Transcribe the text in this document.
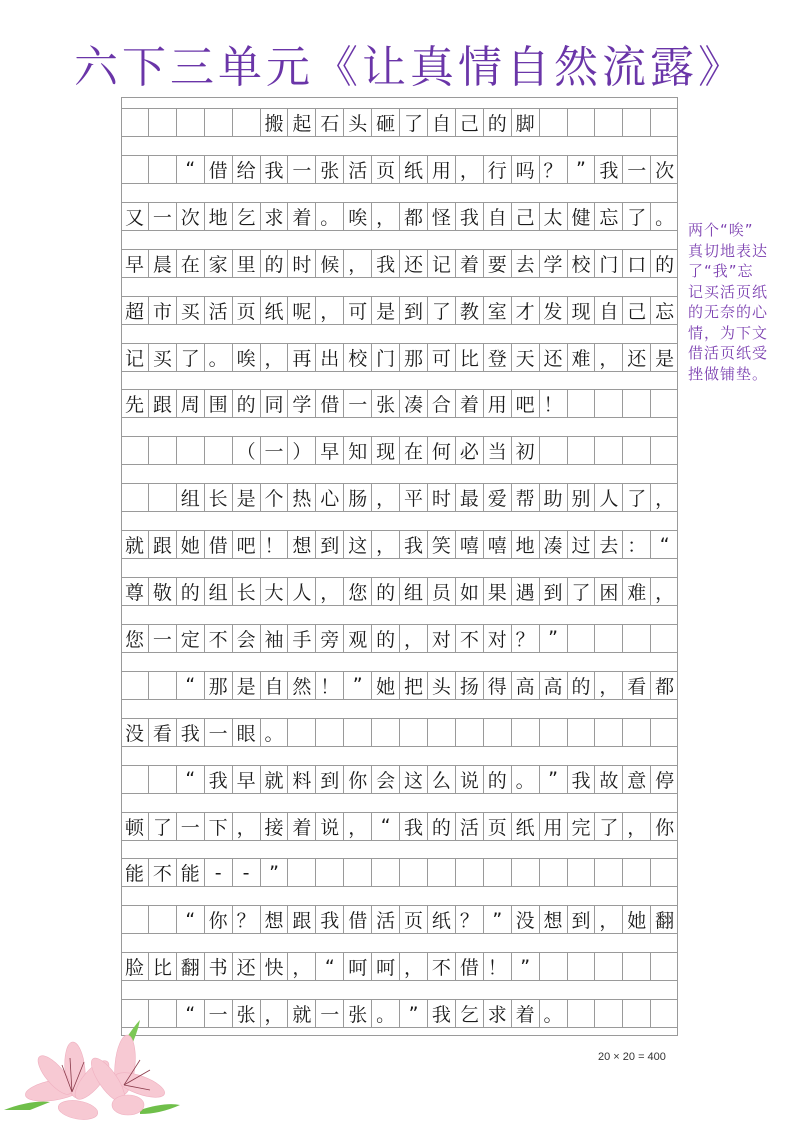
六下三单元《让真情自然流露》
搬 起 石 头 砸 了 自 己 的 脚
“ 借 给 我 一 张 活 页 纸 用 ， 行 吗 ？ ” 我 一 次
又 一 次 地 乞 求 着 。 唉 ， 都 怪 我 自 己 太 健 忘 了 。
早 晨 在 家 里 的 时 候 ， 我 还 记 着 要 去 学 校 门 口 的
超 市 买 活 页 纸 呢 ， 可 是 到 了 教 室 才 发 现 自 己 忘
记 买 了 。 唉 ， 再 出 校 门 那 可 比 登 天 还 难 ， 还 是
先 跟 周 围 的 同 学 借 一 张 凑 合 着 用 吧 ！
（ 一 ） 早 知 现 在 何 必 当 初
组 长 是 个 热 心 肠 ， 平 时 最 爱 帮 助 别 人 了 ，
就 跟 她 借 吧 ！ 想 到 这 ， 我 笑 嘻 嘻 地 凑 过 去 ： “
尊 敬 的 组 长 大 人 ， 您 的 组 员 如 果 遇 到 了 困 难 ，
您 一 定 不 会 袖 手 旁 观 的 ， 对 不 对 ？ ”
“ 那 是 自 然 ！ ” 她 把 头 扬 得 高 高 的 ， 看 都
没 看 我 一 眼 。
“ 我 早 就 料 到 你 会 这 么 说 的 。 ” 我 故 意 停
顿 了 一 下 ， 接 着 说 ， “ 我 的 活 页 纸 用 完 了 ， 你
能 不 能 -	-	”
“ 你 ？ 想 跟 我 借 活 页 纸 ？ ” 没 想 到 ， 她 翻
脸 比 翻 书 还 快 ， “ 呵 呵 ， 不 借 ！ ”
“ 一 张 ， 就 一 张 。 ” 我 乞 求 着 。
两个“唉”
真切地表达
了“我”忘
记买活页纸
的无奈的心
情，为下文
借活页纸受
挫做铺垫。
20 × 20 = 400
